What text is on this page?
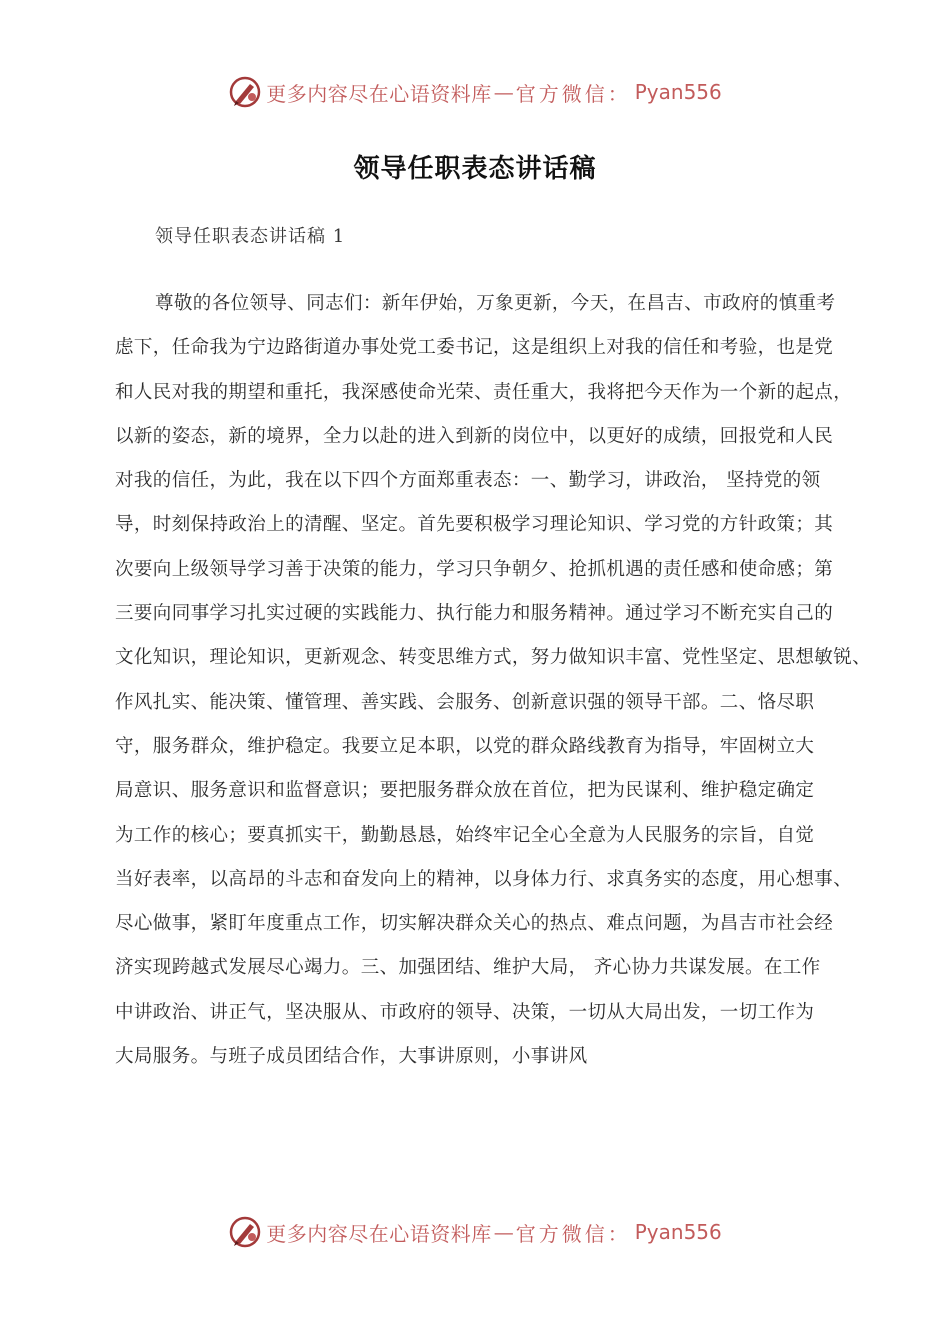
更多内容尽在心语资料库 — 官方微信： Pyan556
领导任职表态讲话稿
领导任职表态讲话稿 1
尊敬的各位领导、同志们：新年伊始，万象更新，今天，在昌吉、市政府的慎重考
虑下，任命我为宁边路街道办事处党工委书记，这是组织上对我的信任和考验，也是党
和人民对我的期望和重托，我深感使命光荣、责任重大，我将把今天作为一个新的起点，
以新的姿态，新的境界，全力以赴的进入到新的岗位中，以更好的成绩，回报党和人民
对我的信任，为此，我在以下四个方面郑重表态：一、勤学习，讲政治， 坚持党的领
导，时刻保持政治上的清醒、坚定。首先要积极学习理论知识、学习党的方针政策；其
次要向上级领导学习善于决策的能力，学习只争朝夕、抢抓机遇的责任感和使命感；第
三要向同事学习扎实过硬的实践能力、执行能力和服务精神。通过学习不断充实自己的
文化知识，理论知识，更新观念、转变思维方式，努力做知识丰富、党性坚定、思想敏锐、
作风扎实、能决策、懂管理、善实践、会服务、创新意识强的领导干部。二、恪尽职
守，服务群众，维护稳定。我要立足本职，以党的群众路线教育为指导，牢固树立大
局意识、服务意识和监督意识；要把服务群众放在首位，把为民谋利、维护稳定确定
为工作的核心；要真抓实干，勤勤恳恳，始终牢记全心全意为人民服务的宗旨，自觉
当好表率，以高昂的斗志和奋发向上的精神，以身体力行、求真务实的态度，用心想事、
尽心做事，紧盯年度重点工作，切实解决群众关心的热点、难点问题，为昌吉市社会经
济实现跨越式发展尽心竭力。三、加强团结、维护大局， 齐心协力共谋发展。在工作
中讲政治、讲正气，坚决服从、市政府的领导、决策，一切从大局出发，一切工作为
大局服务。与班子成员团结合作，大事讲原则，小事讲风
更多内容尽在心语资料库 — 官方微信： Pyan556
